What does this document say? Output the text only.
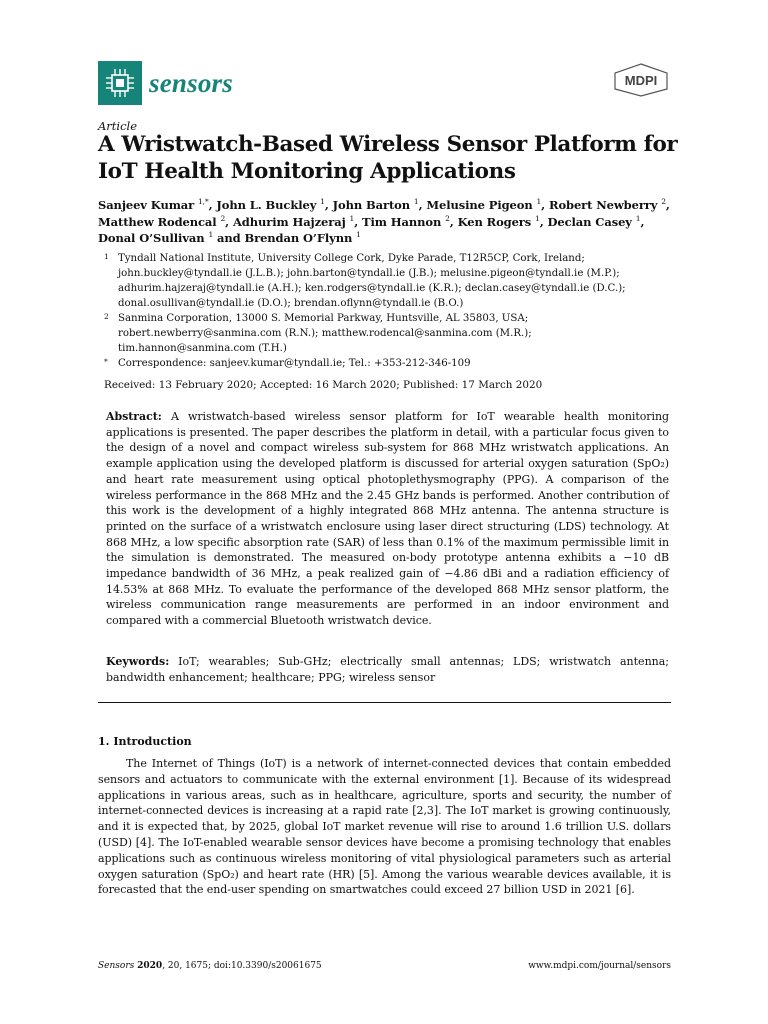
sensors	MDPI
Article
A Wristwatch-Based Wireless Sensor Platform for IoT Health Monitoring Applications
Sanjeev Kumar $^{1,*}$, John L. Buckley $^1$, John Barton $^1$, Melusine Pigeon $^1$, Robert Newberry $^2$,
Matthew Rodencal $^2$, Adhurim Hajzeraj $^1$, Tim Hannon $^2$, Ken Rogers $^1$, Declan Casey $^1$,
Donal O’Sullivan $^1$ and Brendan O’Flynn $^1$
1 Tyndall National Institute, University College Cork, Dyke Parade, T12R5CP, Cork, Ireland;
john.buckley@tyndall.ie (J.L.B.); john.barton@tyndall.ie (J.B.); melusine.pigeon@tyndall.ie (M.P.);
adhurim.hajzeraj@tyndall.ie (A.H.); ken.rodgers@tyndall.ie (K.R.); declan.casey@tyndall.ie (D.C.);
donal.osullivan@tyndall.ie (D.O.); brendan.oflynn@tyndall.ie (B.O.)
2 Sanmina Corporation, 13000 S. Memorial Parkway, Huntsville, AL 35803, USA;
robert.newberry@sanmina.com (R.N.); matthew.rodencal@sanmina.com (M.R.);
tim.hannon@sanmina.com (T.H.)
* Correspondence: sanjeev.kumar@tyndall.ie; Tel.: +353-212-346-109
Received: 13 February 2020; Accepted: 16 March 2020; Published: 17 March 2020
Abstract: A wristwatch-based wireless sensor platform for IoT wearable health monitoring applications is presented. The paper describes the platform in detail, with a particular focus given to the design of a novel and compact wireless sub-system for 868 MHz wristwatch applications. An example application using the developed platform is discussed for arterial oxygen saturation (SpO₂) and heart rate measurement using optical photoplethysmography (PPG). A comparison of the wireless performance in the 868 MHz and the 2.45 GHz bands is performed. Another contribution of this work is the development of a highly integrated 868 MHz antenna. The antenna structure is printed on the surface of a wristwatch enclosure using laser direct structuring (LDS) technology. At 868 MHz, a low specific absorption rate (SAR) of less than 0.1% of the maximum permissible limit in the simulation is demonstrated. The measured on-body prototype antenna exhibits a −10 dB impedance bandwidth of 36 MHz, a peak realized gain of −4.86 dBi and a radiation efficiency of 14.53% at 868 MHz. To evaluate the performance of the developed 868 MHz sensor platform, the wireless communication range measurements are performed in an indoor environment and compared with a commercial Bluetooth wristwatch device.
Keywords: IoT; wearables; Sub-GHz; electrically small antennas; LDS; wristwatch antenna; bandwidth enhancement; healthcare; PPG; wireless sensor
1. Introduction

The Internet of Things (IoT) is a network of internet-connected devices that contain embedded sensors and actuators to communicate with the external environment [1]. Because of its widespread applications in various areas, such as in healthcare, agriculture, sports and security, the number of internet-connected devices is increasing at a rapid rate [2,3]. The IoT market is growing continuously, and it is expected that, by 2025, global IoT market revenue will rise to around 1.6 trillion U.S. dollars (USD) [4]. The IoT-enabled wearable sensor devices have become a promising technology that enables applications such as continuous wireless monitoring of vital physiological parameters such as arterial oxygen saturation (SpO₂) and heart rate (HR) [5]. Among the various wearable devices available, it is forecasted that the end-user spending on smartwatches could exceed 27 billion USD in 2021 [6].

Sensors 2020, 20, 1675; doi:10.3390/s20061675	www.mdpi.com/journal/sensors
